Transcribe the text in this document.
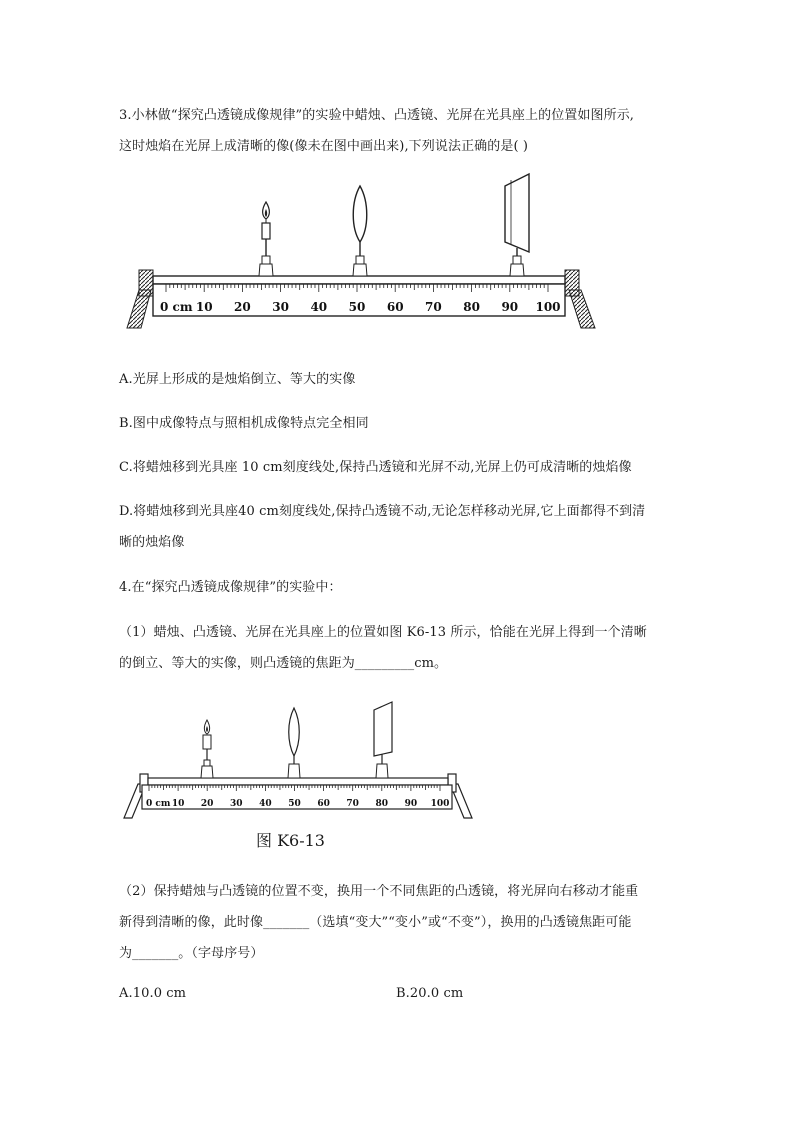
3.小林做“探究凸透镜成像规律”的实验中蜡烛、凸透镜、光屏在光具座上的位置如图所示,
这时烛焰在光屏上成清晰的像(像未在图中画出来),下列说法正确的是( )
0 cm 10 20 30 40 50 60 70 80 90 100
A.光屏上形成的是烛焰倒立、等大的实像
B.图中成像特点与照相机成像特点完全相同
C.将蜡烛移到光具座 10 cm刻度线处,保持凸透镜和光屏不动,光屏上仍可成清晰的烛焰像
D.将蜡烛移到光具座40 cm刻度线处,保持凸透镜不动,无论怎样移动光屏,它上面都得不到清
晰的烛焰像
4.在“探究凸透镜成像规律”的实验中：
（1）蜡烛、凸透镜、光屏在光具座上的位置如图 K6-13 所示，恰能在光屏上得到一个清晰
的倒立、等大的实像，则凸透镜的焦距为_________cm。
0 cm 10 20 30 40 50 60 70 80 90 100
图 K6-13
（2）保持蜡烛与凸透镜的位置不变，换用一个不同焦距的凸透镜，将光屏向右移动才能重
新得到清晰的像，此时像_______（选填“变大”“变小”或“不变”），换用的凸透镜焦距可能
为_______。（字母序号）
A.10.0 cm	B.20.0 cm
